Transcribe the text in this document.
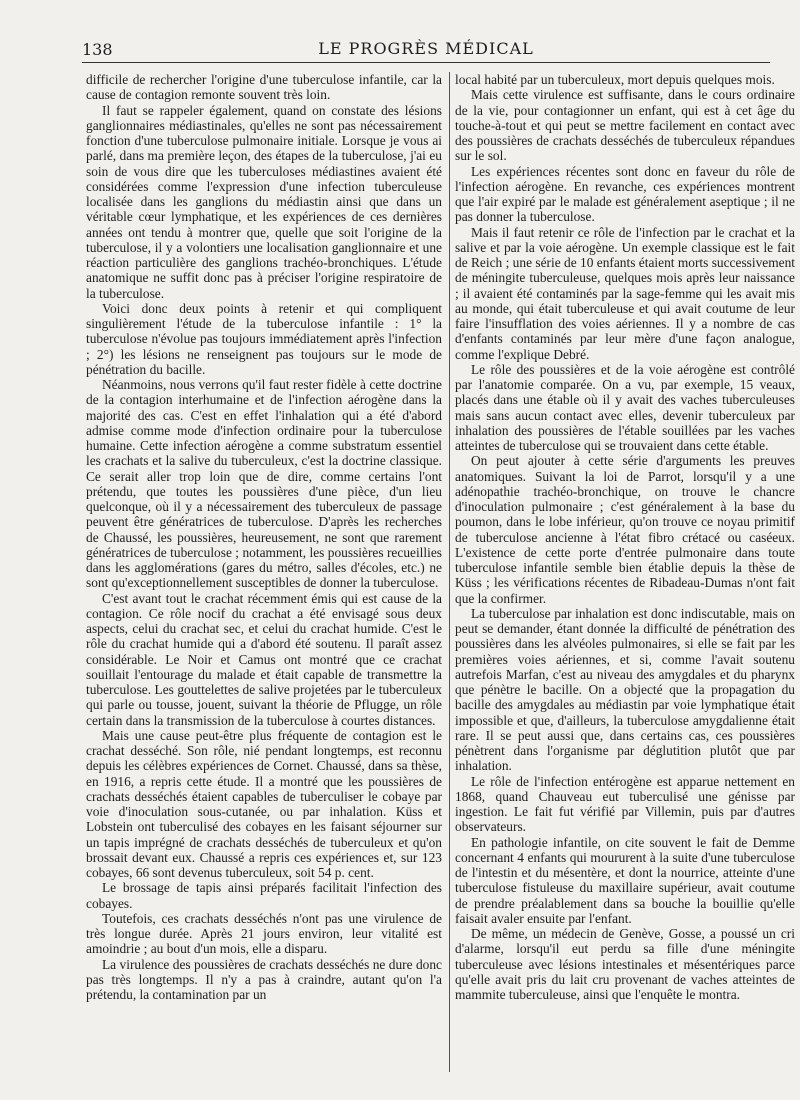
138	LE PROGRÈS MÉDICAL

difficile de rechercher l'origine d'une tuberculose infantile, car la cause de contagion remonte souvent très loin.

Il faut se rappeler également, quand on constate des lésions ganglionnaires médiastinales, qu'elles ne sont pas nécessairement fonction d'une tuberculose pulmonaire initiale. Lorsque je vous ai parlé, dans ma première leçon, des étapes de la tuberculose, j'ai eu soin de vous dire que les tuberculoses médiastines avaient été considérées comme l'expression d'une infection tuberculeuse localisée dans les ganglions du médiastin ainsi que dans un véritable cœur lymphatique, et les expériences de ces dernières années ont tendu à montrer que, quelle que soit l'origine de la tuberculose, il y a volontiers une localisation ganglionnaire et une réaction particulière des ganglions trachéo-bronchiques. L'étude anatomique ne suffit donc pas à préciser l'origine respiratoire de la tuberculose.

Voici donc deux points à retenir et qui compliquent singulièrement l'étude de la tuberculose infantile : 1° la tuberculose n'évolue pas toujours immédiatement après l'infection ; 2°) les lésions ne renseignent pas toujours sur le mode de pénétration du bacille.

Néanmoins, nous verrons qu'il faut rester fidèle à cette doctrine de la contagion interhumaine et de l'infection aérogène dans la majorité des cas. C'est en effet l'inhalation qui a été d'abord admise comme mode d'infection ordinaire pour la tuberculose humaine. Cette infection aérogène a comme substratum essentiel les crachats et la salive du tuberculeux, c'est la doctrine classique. Ce serait aller trop loin que de dire, comme certains l'ont prétendu, que toutes les poussières d'une pièce, d'un lieu quelconque, où il y a nécessairement des tuberculeux de passage peuvent être génératrices de tuberculose. D'après les recherches de Chaussé, les poussières, heureusement, ne sont que rarement génératrices de tuberculose ; notamment, les poussières recueillies dans les agglomérations (gares du métro, salles d'écoles, etc.) ne sont qu'exceptionnellement susceptibles de donner la tuberculose.

C'est avant tout le crachat récemment émis qui est cause de la contagion. Ce rôle nocif du crachat a été envisagé sous deux aspects, celui du crachat sec, et celui du crachat humide. C'est le rôle du crachat humide qui a d'abord été soutenu. Il paraît assez considérable. Le Noir et Camus ont montré que ce crachat souillait l'entourage du malade et était capable de transmettre la tuberculose. Les gouttelettes de salive projetées par le tuberculeux qui parle ou tousse, jouent, suivant la théorie de Pflugge, un rôle certain dans la transmission de la tuberculose à courtes distances.

Mais une cause peut-être plus fréquente de contagion est le crachat desséché. Son rôle, nié pendant longtemps, est reconnu depuis les célèbres expériences de Cornet. Chaussé, dans sa thèse, en 1916, a repris cette étude. Il a montré que les poussières de crachats desséchés étaient capables de tuberculiser le cobaye par voie d'inoculation sous-cutanée, ou par inhalation. Küss et Lobstein ont tuberculisé des cobayes en les faisant séjourner sur un tapis imprégné de crachats desséchés de tuberculeux et qu'on brossait devant eux. Chaussé a repris ces expériences et, sur 123 cobayes, 66 sont devenus tuberculeux, soit 54 p. cent.

Le brossage de tapis ainsi préparés facilitait l'infection des cobayes.

Toutefois, ces crachats desséchés n'ont pas une virulence de très longue durée. Après 21 jours environ, leur vitalité est amoindrie ; au bout d'un mois, elle a disparu.

La virulence des poussières de crachats desséchés ne dure donc pas très longtemps. Il n'y a pas à craindre, autant qu'on l'a prétendu, la contamination par un

local habité par un tuberculeux, mort depuis quelques mois.

Mais cette virulence est suffisante, dans le cours ordinaire de la vie, pour contagionner un enfant, qui est à cet âge du touche-à-tout et qui peut se mettre facilement en contact avec des poussières de crachats desséchés de tuberculeux répandues sur le sol.

Les expériences récentes sont donc en faveur du rôle de l'infection aérogène. En revanche, ces expériences montrent que l'air expiré par le malade est généralement aseptique ; il ne pas donner la tuberculose.

Mais il faut retenir ce rôle de l'infection par le crachat et la salive et par la voie aérogène. Un exemple classique est le fait de Reich ; une série de 10 enfants étaient morts successivement de méningite tuberculeuse, quelques mois après leur naissance ; il avaient été contaminés par la sage-femme qui les avait mis au monde, qui était tuberculeuse et qui avait coutume de leur faire l'insufflation des voies aériennes. Il y a nombre de cas d'enfants contaminés par leur mère d'une façon analogue, comme l'explique Debré.

Le rôle des poussières et de la voie aérogène est contrôlé par l'anatomie comparée. On a vu, par exemple, 15 veaux, placés dans une étable où il y avait des vaches tuberculeuses mais sans aucun contact avec elles, devenir tuberculeux par inhalation des poussières de l'étable souillées par les vaches atteintes de tuberculose qui se trouvaient dans cette étable.

On peut ajouter à cette série d'arguments les preuves anatomiques. Suivant la loi de Parrot, lorsqu'il y a une adénopathie trachéo-bronchique, on trouve le chancre d'inoculation pulmonaire ; c'est généralement à la base du poumon, dans le lobe inférieur, qu'on trouve ce noyau primitif de tuberculose ancienne à l'état fibro crétacé ou caséeux. L'existence de cette porte d'entrée pulmonaire dans toute tuberculose infantile semble bien établie depuis la thèse de Küss ; les vérifications récentes de Ribadeau-Dumas n'ont fait que la confirmer.

La tuberculose par inhalation est donc indiscutable, mais on peut se demander, étant donnée la difficulté de pénétration des poussières dans les alvéoles pulmonaires, si elle se fait par les premières voies aériennes, et si, comme l'avait soutenu autrefois Marfan, c'est au niveau des amygdales et du pharynx que pénètre le bacille. On a objecté que la propagation du bacille des amygdales au médiastin par voie lymphatique était impossible et que, d'ailleurs, la tuberculose amygdalienne était rare. Il se peut aussi que, dans certains cas, ces poussières pénètrent dans l'organisme par déglutition plutôt que par inhalation.

Le rôle de l'infection entérogène est apparue nettement en 1868, quand Chauveau eut tuberculisé une génisse par ingestion. Le fait fut vérifié par Villemin, puis par d'autres observateurs.

En pathologie infantile, on cite souvent le fait de Demme concernant 4 enfants qui moururent à la suite d'une tuberculose de l'intestin et du mésentère, et dont la nourrice, atteinte d'une tuberculose fistuleuse du maxillaire supérieur, avait coutume de prendre préalablement dans sa bouche la bouillie qu'elle faisait avaler ensuite par l'enfant.

De même, un médecin de Genève, Gosse, a poussé un cri d'alarme, lorsqu'il eut perdu sa fille d'une méningite tuberculeuse avec lésions intestinales et mésentériques parce qu'elle avait pris du lait cru provenant de vaches atteintes de mammite tuberculeuse, ainsi que l'enquête le montra.
